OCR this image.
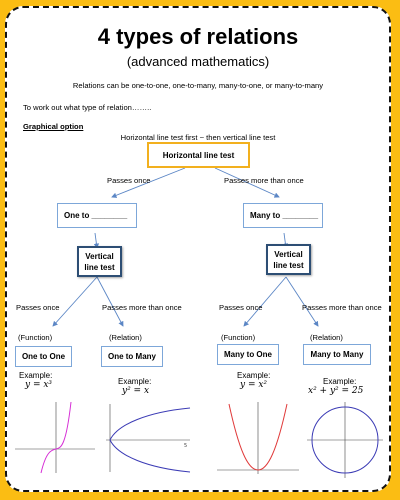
4 types of relations
(advanced mathematics)
Relations can be one-to-one, one-to-many, many-to-one, or many-to-many
To work out what type of relation……..
Graphical option
Horizontal line test first ~ then vertical line test
Horizontal line test
Passes once	Passes more than once
One to ________	Many to ________
Vertical
line test
Vertical
line test
Passes once	Passes more than once	Passes once	Passes more than once
(Function)	(Relation)	(Function)	(Relation)
One to One	One to Many	Many to One	Many to Many
Example:
y = x³	Example:
y² = x
Example:
y = x²	Example:
x² + y² = 25
5
